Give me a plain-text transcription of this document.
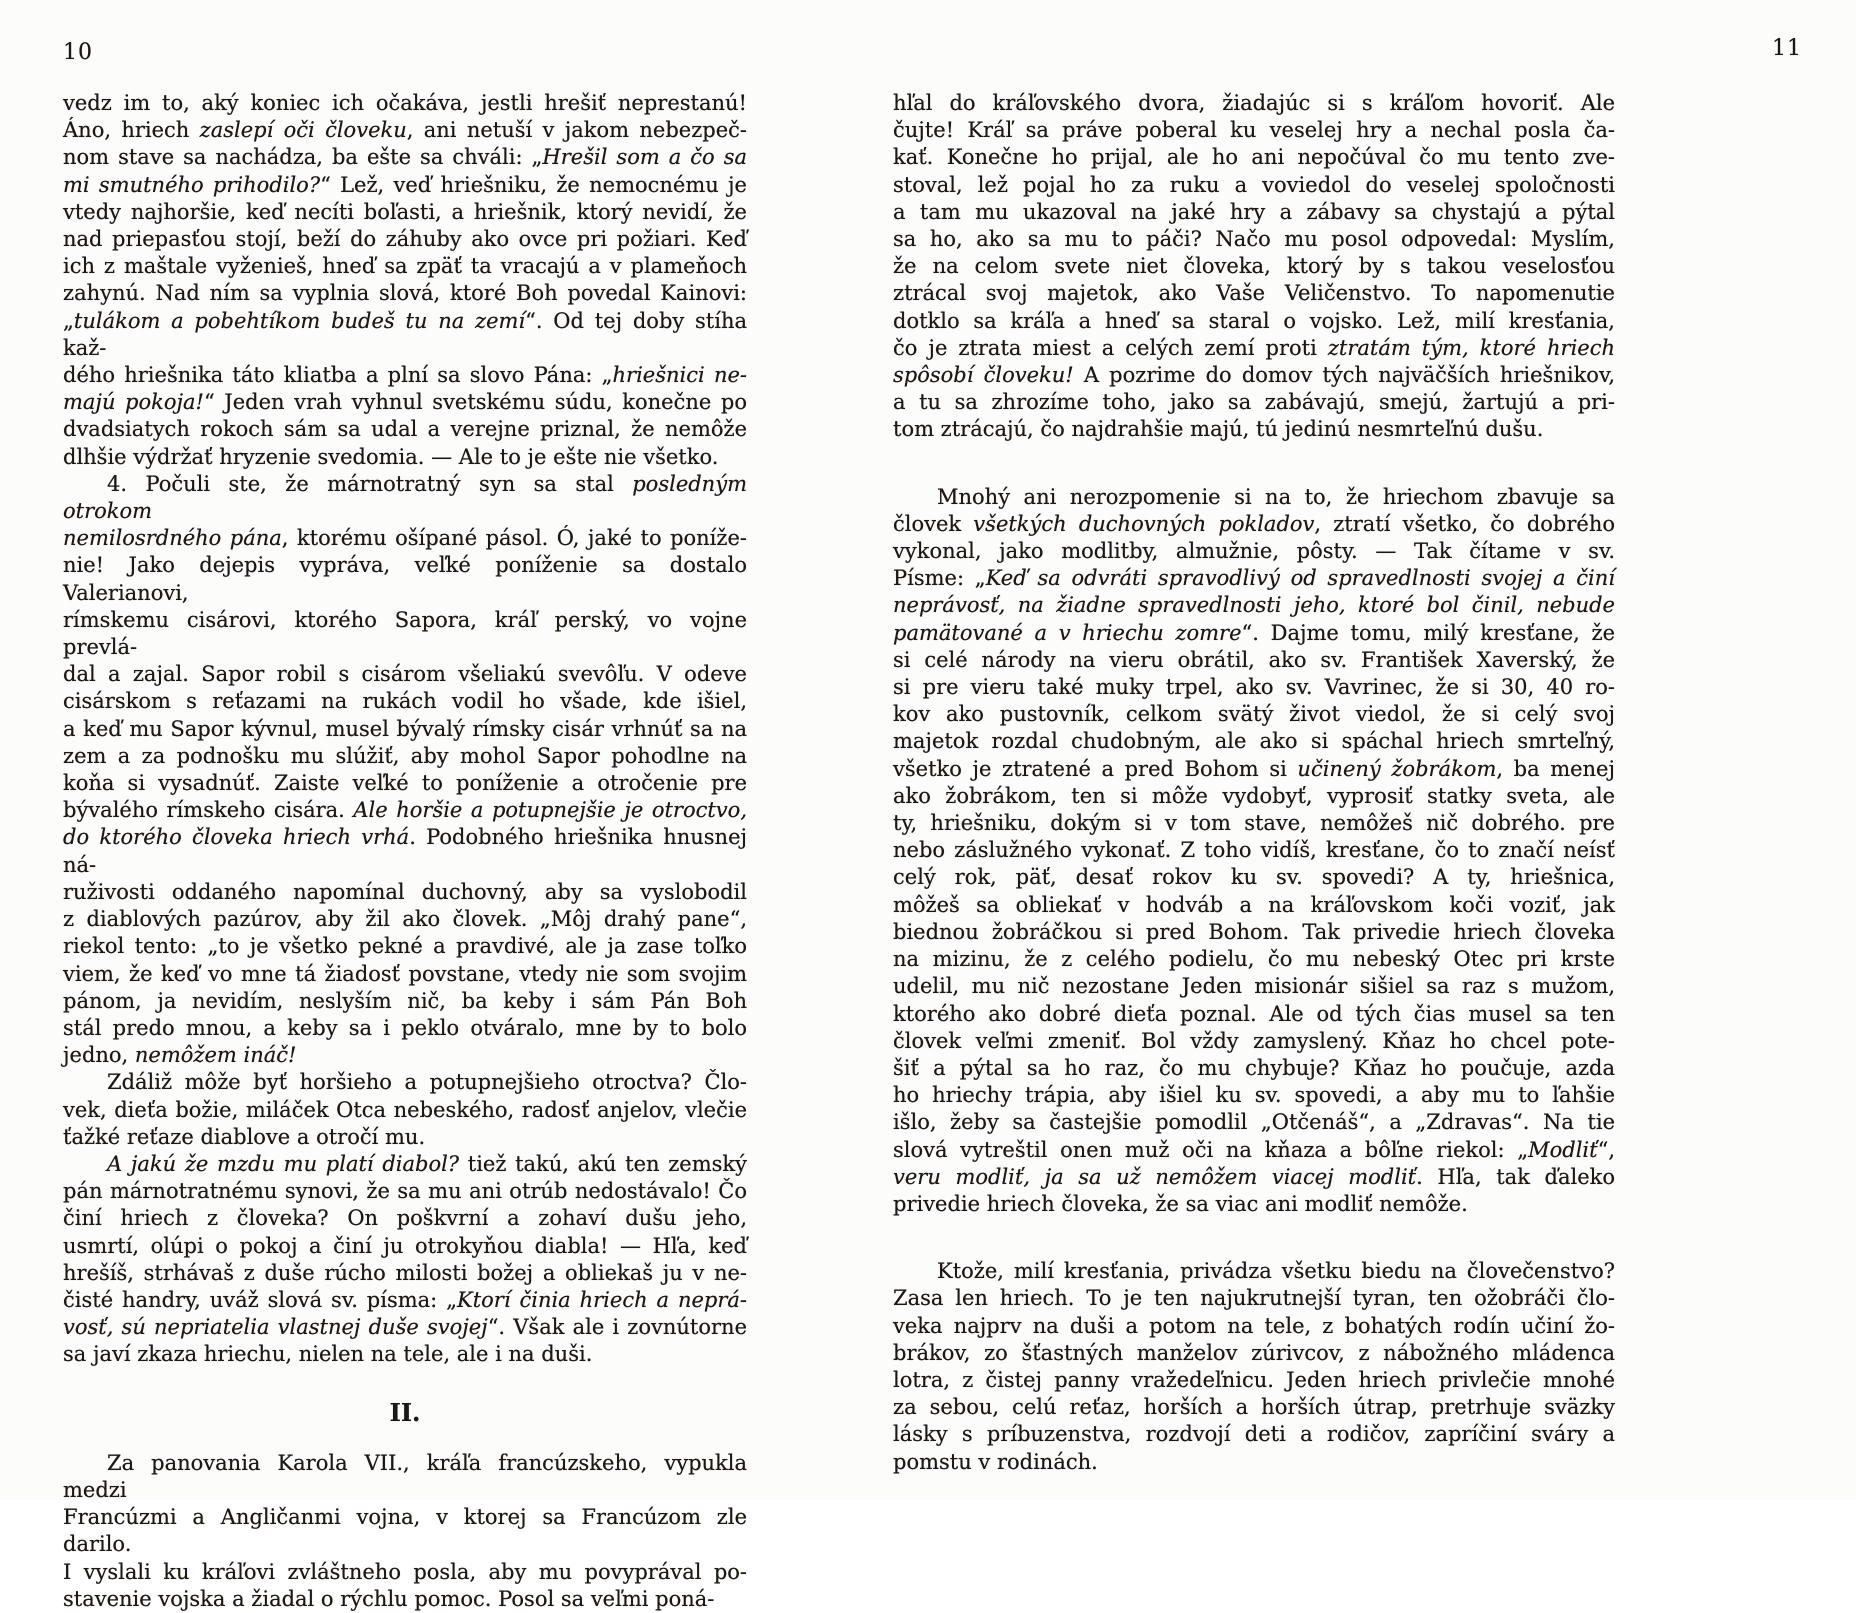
10	11
vedz im to, aký koniec ich očakáva, jestli hrešiť neprestanú!
Áno, hriech zaslepí oči človeku, ani netuší v jakom nebezpeč-
nom stave sa nachádza, ba ešte sa chváli: „Hrešil som a čo sa
mi smutného prihodilo?“ Lež, veď hriešniku, že nemocnému je
vtedy najhoršie, keď necíti boľasti, a hriešnik, ktorý nevidí, že
nad priepasťou stojí, beží do záhuby ako ovce pri požiari. Keď
ich z maštale vyženieš, hneď sa zpäť ta vracajú a v plameňoch
zahynú. Nad ním sa vyplnia slová, ktoré Boh povedal Kainovi:
„tulákom a pobehtíkom budeš tu na zemí“. Od tej doby stíha kaž-
dého hriešnika táto kliatba a plní sa slovo Pána: „hriešnici ne-
majú pokoja!“ Jeden vrah vyhnul svetskému súdu, konečne po
dvadsiatych rokoch sám sa udal a verejne priznal, že nemôže
dlhšie výdržať hryzenie svedomia. — Ale to je ešte nie všetko.
4. Počuli ste, že márnotratný syn sa stal posledným otrokom
nemilosrdného pána, ktorému ošípané pásol. Ó, jaké to poníže-
nie! Jako dejepis vypráva, veľké poníženie sa dostalo Valerianovi,
rímskemu cisárovi, ktorého Sapora, kráľ perský, vo vojne prevlá-
dal a zajal. Sapor robil s cisárom všeliakú svevôľu. V odeve
cisárskom s reťazami na rukách vodil ho všade, kde išiel,
a keď mu Sapor kývnul, musel bývalý rímsky cisár vrhnúť sa na
zem a za podnošku mu slúžiť, aby mohol Sapor pohodlne na
koňa si vysadnúť. Zaiste veľké to poníženie a otročenie pre
bývalého rímskeho cisára. Ale horšie a potupnejšie je otroctvo,
do ktorého človeka hriech vrhá. Podobného hriešnika hnusnej ná-
ruživosti oddaného napomínal duchovný, aby sa vyslobodil
z diablových pazúrov, aby žil ako človek. „Môj drahý pane“,
riekol tento: „to je všetko pekné a pravdivé, ale ja zase toľko
viem, že keď vo mne tá žiadosť povstane, vtedy nie som svojim
pánom, ja nevidím, neslyším nič, ba keby i sám Pán Boh
stál predo mnou, a keby sa i peklo otváralo, mne by to bolo
jedno, nemôžem ináč!
Zdáliž môže byť horšieho a potupnejšieho otroctva? Člo-
vek, dieťa božie, miláček Otca nebeského, radosť anjelov, vlečie
ťažké reťaze diablove a otročí mu.
A jakú že mzdu mu platí diabol? tiež takú, akú ten zemský
pán márnotratnému synovi, že sa mu ani otrúb nedostávalo! Čo
činí hriech z človeka? On poškvrní a zohaví dušu jeho,
usmrtí, olúpi o pokoj a činí ju otrokyňou diabla! — Hľa, keď
hrešíš, strhávaš z duše rúcho milosti božej a obliekaš ju v ne-
čisté handry, uváž slová sv. písma: „Ktorí činia hriech a neprá-
vosť, sú nepriatelia vlastnej duše svojej“. Však ale i zovnútorne
sa javí zkaza hriechu, nielen na tele, ale i na duši.
II.
Za panovania Karola VII., kráľa francúzskeho, vypukla medzi
Francúzmi a Angličanmi vojna, v ktorej sa Francúzom zle darilo.
I vyslali ku kráľovi zvláštneho posla, aby mu povyprával po-
stavenie vojska a žiadal o rýchlu pomoc. Posol sa veľmi poná-
hľal do kráľovského dvora, žiadajúc si s kráľom hovoriť. Ale
čujte! Kráľ sa práve poberal ku veselej hry a nechal posla ča-
kať. Konečne ho prijal, ale ho ani nepočúval čo mu tento zve-
stoval, lež pojal ho za ruku a voviedol do veselej spoločnosti
a tam mu ukazoval na jaké hry a zábavy sa chystajú a pýtal
sa ho, ako sa mu to páči? Načo mu posol odpovedal: Myslím,
že na celom svete niet človeka, ktorý by s takou veselosťou
ztrácal svoj majetok, ako Vaše Veličenstvo. To napomenutie
dotklo sa kráľa a hneď sa staral o vojsko. Lež, milí kresťania,
čo je ztrata miest a celých zemí proti ztratám tým, ktoré hriech
spôsobí človeku! A pozrime do domov tých najväčších hriešnikov,
a tu sa zhrozíme toho, jako sa zabávajú, smejú, žartujú a pri-
tom ztrácajú, čo najdrahšie majú, tú jedinú nesmrteľnú dušu.
Mnohý ani nerozpomenie si na to, že hriechom zbavuje sa
človek všetkých duchovných pokladov, ztratí všetko, čo dobrého
vykonal, jako modlitby, almužnie, pôsty. — Tak čítame v sv.
Písme: „Keď sa odvráti spravodlivý od spravedlnosti svojej a činí
neprávosť, na žiadne spravedlnosti jeho, ktoré bol činil, nebude
pamätované a v hriechu zomre“. Dajme tomu, milý kresťane, že
si celé národy na vieru obrátil, ako sv. František Xaverský, že
si pre vieru také muky trpel, ako sv. Vavrinec, že si 30, 40 ro-
kov ako pustovník, celkom svätý život viedol, že si celý svoj
majetok rozdal chudobným, ale ako si spáchal hriech smrteľný,
všetko je ztratené a pred Bohom si učinený žobrákom, ba menej
ako žobrákom, ten si môže vydobyť, vyprosiť statky sveta, ale
ty, hriešniku, dokým si v tom stave, nemôžeš nič dobrého. pre
nebo záslužného vykonať. Z toho vidíš, kresťane, čo to značí neísť
celý rok, päť, desať rokov ku sv. spovedi? A ty, hriešnica,
môžeš sa obliekať v hodváb a na kráľovskom koči voziť, jak
biednou žobráčkou si pred Bohom. Tak privedie hriech človeka
na mizinu, že z celého podielu, čo mu nebeský Otec pri krste
udelil, mu nič nezostane Jeden misionár sišiel sa raz s mužom,
ktorého ako dobré dieťa poznal. Ale od tých čias musel sa ten
človek veľmi zmeniť. Bol vždy zamyslený. Kňaz ho chcel pote-
šiť a pýtal sa ho raz, čo mu chybuje? Kňaz ho poučuje, azda
ho hriechy trápia, aby išiel ku sv. spovedi, a aby mu to ľahšie
išlo, žeby sa častejšie pomodlil „Otčenáš“, a „Zdravas“. Na tie
slová vytreštil onen muž oči na kňaza a bôľne riekol: „Modliť“,
veru modliť, ja sa už nemôžem viacej modliť. Hľa, tak ďaleko
privedie hriech človeka, že sa viac ani modliť nemôže.
Ktože, milí kresťania, privádza všetku biedu na človečenstvo?
Zasa len hriech. To je ten najukrutnejší tyran, ten ožobráči člo-
veka najprv na duši a potom na tele, z bohatých rodín učiní žo-
brákov, zo šťastných manželov zúrivcov, z nábožného mládenca
lotra, z čistej panny vražedeľnicu. Jeden hriech privlečie mnohé
za sebou, celú reťaz, horších a horších útrap, pretrhuje sväzky
lásky s príbuzenstva, rozdvojí deti a rodičov, zapríčiní sváry a
pomstu v rodinách.
